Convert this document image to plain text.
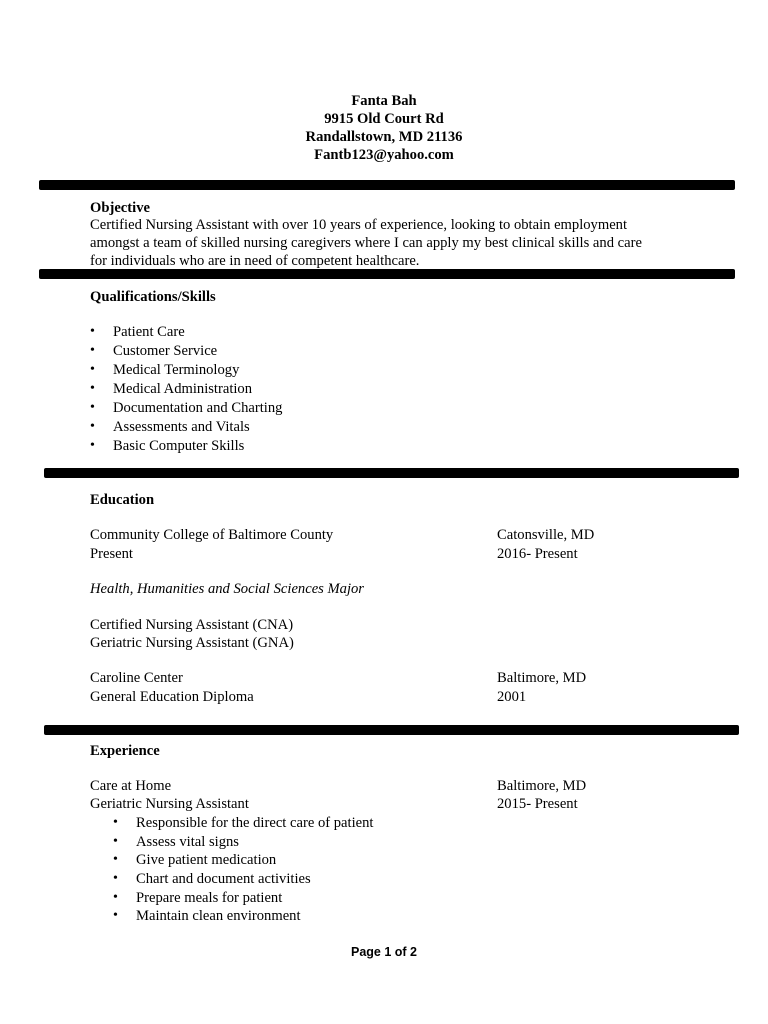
Fanta Bah
9915 Old Court Rd
Randallstown, MD 21136
Fantb123@yahoo.com
Objective
Certified Nursing Assistant with over 10 years of experience, looking to obtain employment
amongst a team of skilled nursing caregivers where I can apply my best clinical skills and care
for individuals who are in need of competent healthcare.
Qualifications/Skills
• Patient Care
• Customer Service
• Medical Terminology
• Medical Administration
• Documentation and Charting
• Assessments and Vitals
• Basic Computer Skills
Education
Community College of Baltimore County	Catonsville, MD
Present	2016- Present
Health, Humanities and Social Sciences Major
Certified Nursing Assistant (CNA)
Geriatric Nursing Assistant (GNA)
Caroline Center	Baltimore, MD
General Education Diploma	2001
Experience
Care at Home	Baltimore, MD
Geriatric Nursing Assistant	2015- Present
• Responsible for the direct care of patient
• Assess vital signs
• Give patient medication
• Chart and document activities
• Prepare meals for patient
• Maintain clean environment
Page 1 of 2
